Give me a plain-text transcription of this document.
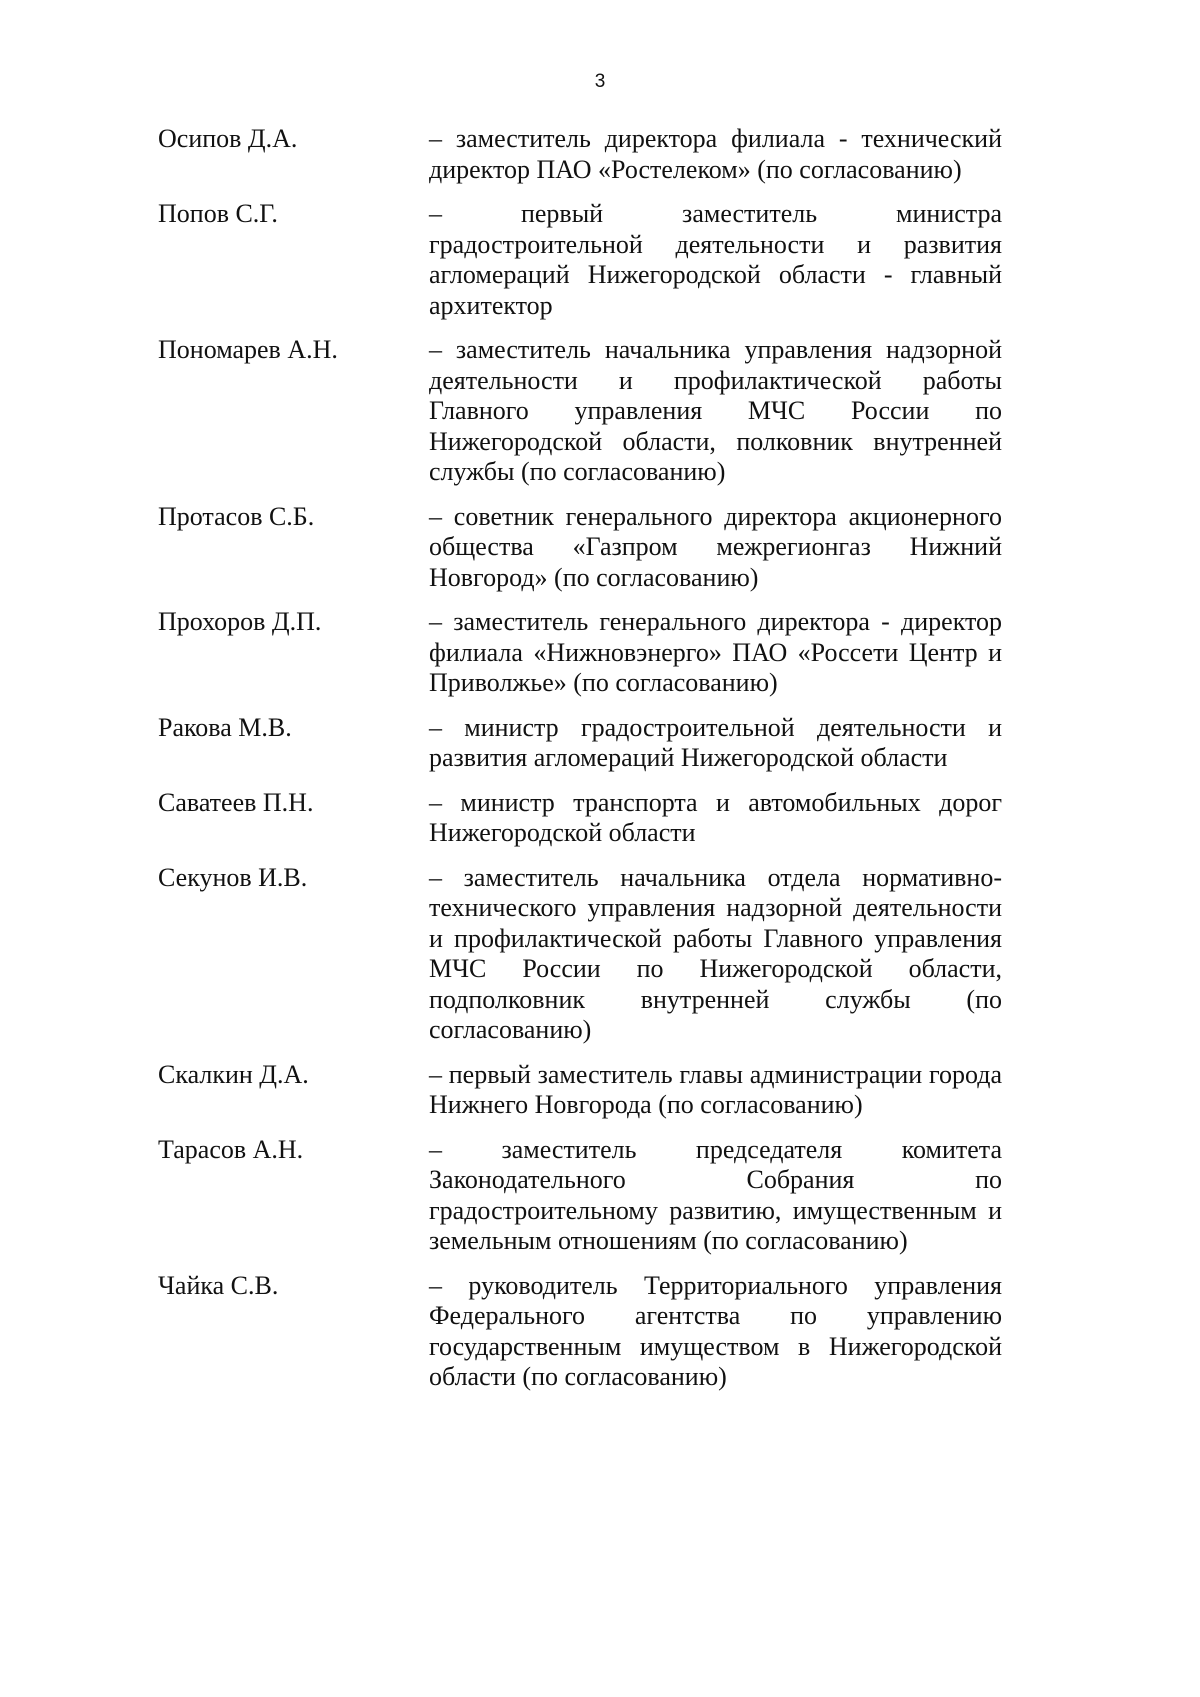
3
Осипов Д.А.	– заместитель директора филиала - технический директор ПАО «Ростелеком» (по согласованию)
Попов С.Г.	– первый заместитель министра градостроительной деятельности и развития агломераций Нижегородской области - главный архитектор
Пономарев А.Н.	– заместитель начальника управления надзорной деятельности и профилактической работы Главного управления МЧС России по Нижегородской области, полковник внутренней службы (по согласованию)
Протасов С.Б.	– советник генерального директора акционерного общества «Газпром межрегионгаз Нижний Новгород» (по согласованию)
Прохоров Д.П.	– заместитель генерального директора - директор филиала «Нижновэнерго» ПАО «Россети Центр и Приволжье» (по согласованию)
Ракова М.В.	– министр градостроительной деятельности и развития агломераций Нижегородской области
Саватеев П.Н.	– министр транспорта и автомобильных дорог Нижегородской области
Секунов И.В.	– заместитель начальника отдела нормативно-технического управления надзорной деятельности и профилактической работы Главного управления МЧС России по Нижегородской области, подполковник внутренней службы (по согласованию)
Скалкин Д.А.	– первый заместитель главы администрации города Нижнего Новгорода (по согласованию)
Тарасов А.Н.	– заместитель председателя комитета Законодательного Собрания по градостроительному развитию, имущественным и земельным отношениям (по согласованию)
Чайка С.В.	– руководитель Территориального управления Федерального агентства по управлению государственным имуществом в Нижегородской области (по согласованию)
